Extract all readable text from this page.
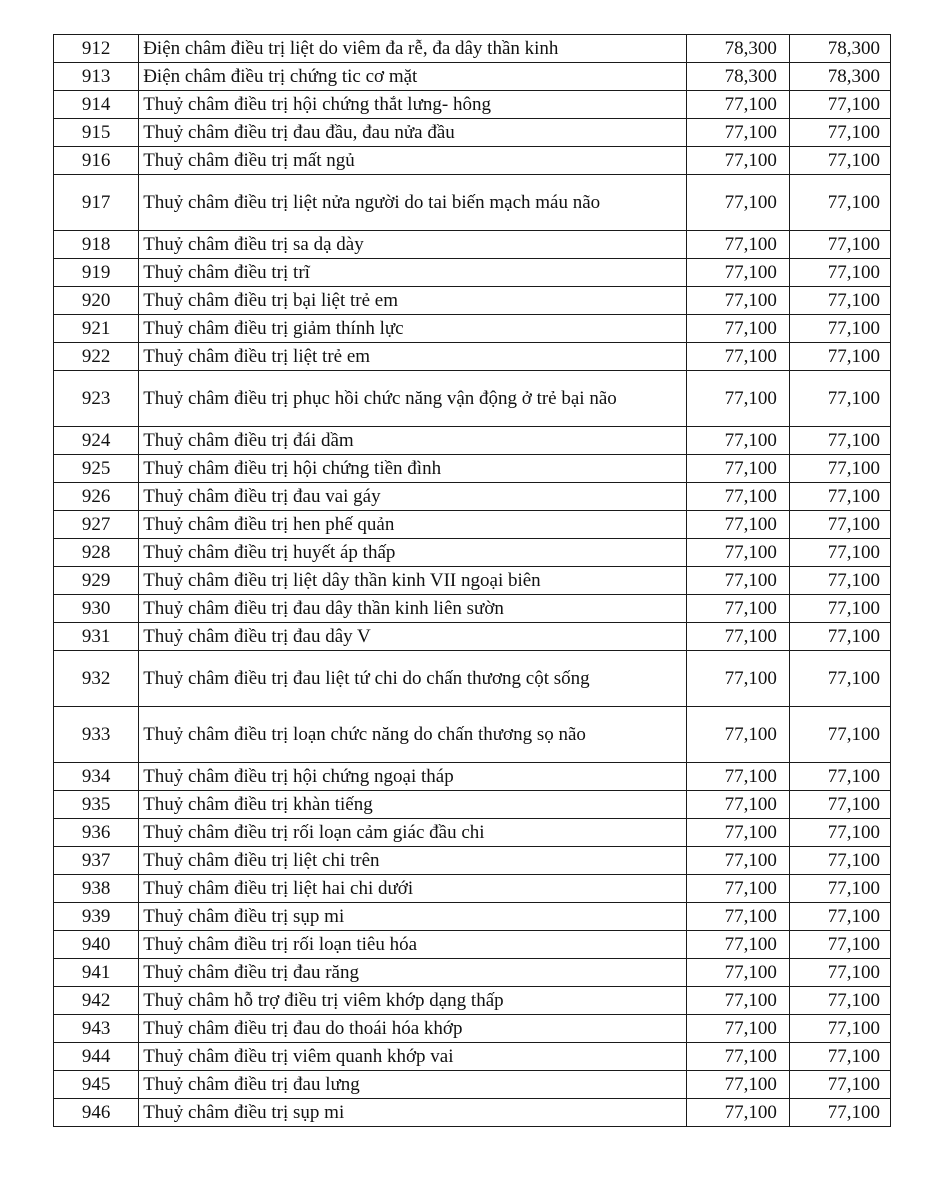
912	Điện châm điều trị liệt do viêm đa rễ, đa dây thần kinh	78,300	78,300
913	Điện châm điều trị chứng tic cơ mặt	78,300	78,300
914	Thuỷ châm điều trị hội chứng thắt lưng- hông	77,100	77,100
915	Thuỷ châm điều trị đau đầu, đau nửa đầu	77,100	77,100
916	Thuỷ châm điều trị mất ngủ	77,100	77,100
917	Thuỷ châm điều trị liệt nửa người do tai biến mạch máu não	77,100	77,100
918	Thuỷ châm điều trị sa dạ dày	77,100	77,100
919	Thuỷ châm điều trị trĩ	77,100	77,100
920	Thuỷ châm điều trị bại liệt trẻ em	77,100	77,100
921	Thuỷ châm điều trị giảm thính lực	77,100	77,100
922	Thuỷ châm điều trị liệt trẻ em	77,100	77,100
923	Thuỷ châm điều trị phục hồi chức năng vận động ở trẻ bại não	77,100	77,100
924	Thuỷ châm điều trị đái dầm	77,100	77,100
925	Thuỷ châm điều trị hội chứng tiền đình	77,100	77,100
926	Thuỷ châm điều trị đau vai gáy	77,100	77,100
927	Thuỷ châm điều trị hen phế quản	77,100	77,100
928	Thuỷ châm điều trị huyết áp thấp	77,100	77,100
929	Thuỷ châm điều trị liệt dây thần kinh VII ngoại biên	77,100	77,100
930	Thuỷ châm điều trị đau dây thần kinh liên sườn	77,100	77,100
931	Thuỷ châm điều trị đau dây V	77,100	77,100
932	Thuỷ châm điều trị đau liệt tứ chi do chấn thương cột sống	77,100	77,100
933	Thuỷ châm điều trị loạn chức năng do chấn thương sọ não	77,100	77,100
934	Thuỷ châm điều trị hội chứng ngoại tháp	77,100	77,100
935	Thuỷ châm điều trị khàn tiếng	77,100	77,100
936	Thuỷ châm điều trị rối loạn cảm giác đầu chi	77,100	77,100
937	Thuỷ châm điều trị liệt chi trên	77,100	77,100
938	Thuỷ châm điều trị liệt hai chi dưới	77,100	77,100
939	Thuỷ châm điều trị sụp mi	77,100	77,100
940	Thuỷ châm điều trị rối loạn tiêu hóa	77,100	77,100
941	Thuỷ châm điều trị đau răng	77,100	77,100
942	Thuỷ châm hỗ trợ điều trị viêm khớp dạng thấp	77,100	77,100
943	Thuỷ châm điều trị đau do thoái hóa khớp	77,100	77,100
944	Thuỷ châm điều trị viêm quanh khớp vai	77,100	77,100
945	Thuỷ châm điều trị đau lưng	77,100	77,100
946	Thuỷ châm điều trị sụp mi	77,100	77,100
